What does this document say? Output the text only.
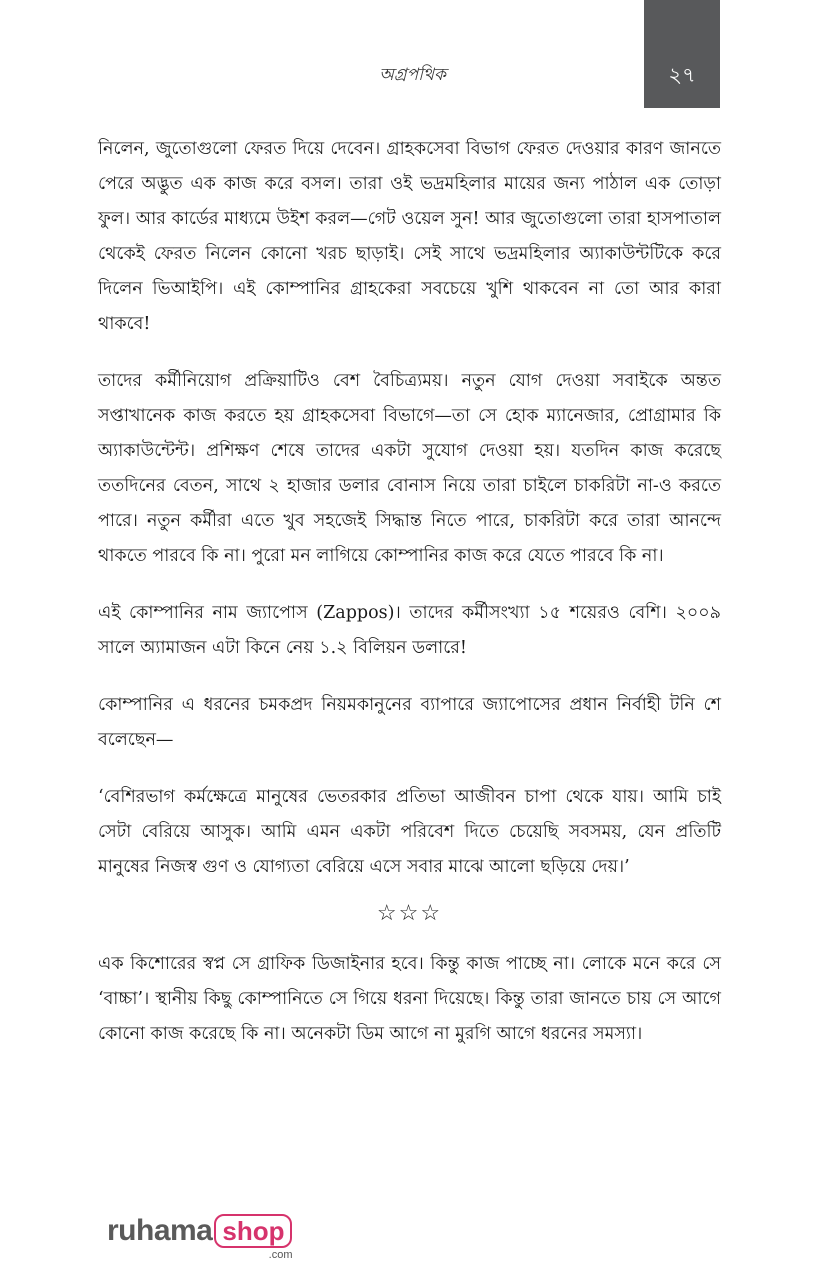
অগ্রপথিক	২৭

নিলেন, জুতোগুলো ফেরত দিয়ে দেবেন। গ্রাহকসেবা বিভাগ ফেরত দেওয়ার কারণ জানতে পেরে অদ্ভুত এক কাজ করে বসল। তারা ওই ভদ্রমহিলার মায়ের জন্য পাঠাল এক তোড়া ফুল। আর কার্ডের মাধ্যমে উইশ করল—গেট ওয়েল সুন! আর জুতোগুলো তারা হাসপাতাল থেকেই ফেরত নিলেন কোনো খরচ ছাড়াই। সেই সাথে ভদ্রমহিলার অ্যাকাউন্টটিকে করে দিলেন ভিআইপি। এই কোম্পানির গ্রাহকেরা সবচেয়ে খুশি থাকবেন না তো আর কারা থাকবে!

তাদের কর্মীনিয়োগ প্রক্রিয়াটিও বেশ বৈচিত্র্যময়। নতুন যোগ দেওয়া সবাইকে অন্তত সপ্তাখানেক কাজ করতে হয় গ্রাহকসেবা বিভাগে—তা সে হোক ম্যানেজার, প্রোগ্রামার কি অ্যাকাউন্টেন্ট। প্রশিক্ষণ শেষে তাদের একটা সুযোগ দেওয়া হয়। যতদিন কাজ করেছে ততদিনের বেতন, সাথে ২ হাজার ডলার বোনাস নিয়ে তারা চাইলে চাকরিটা না-ও করতে পারে। নতুন কর্মীরা এতে খুব সহজেই সিদ্ধান্ত নিতে পারে, চাকরিটা করে তারা আনন্দে থাকতে পারবে কি না। পুরো মন লাগিয়ে কোম্পানির কাজ করে যেতে পারবে কি না।

এই কোম্পানির নাম জ্যাপোস (Zappos)। তাদের কর্মীসংখ্যা ১৫ শয়েরও বেশি। ২০০৯ সালে অ্যামাজন এটা কিনে নেয় ১.২ বিলিয়ন ডলারে!

কোম্পানির এ ধরনের চমকপ্রদ নিয়মকানুনের ব্যাপারে জ্যাপোসের প্রধান নির্বাহী টনি শে বলেছেন—

‘বেশিরভাগ কর্মক্ষেত্রে মানুষের ভেতরকার প্রতিভা আজীবন চাপা থেকে যায়। আমি চাই সেটা বেরিয়ে আসুক। আমি এমন একটা পরিবেশ দিতে চেয়েছি সবসময়, যেন প্রতিটি মানুষের নিজস্ব গুণ ও যোগ্যতা বেরিয়ে এসে সবার মাঝে আলো ছড়িয়ে দেয়।’

☆☆☆

এক কিশোরের স্বপ্ন সে গ্রাফিক ডিজাইনার হবে। কিন্তু কাজ পাচ্ছে না। লোকে মনে করে সে ‘বাচ্চা’। স্থানীয় কিছু কোম্পানিতে সে গিয়ে ধরনা দিয়েছে। কিন্তু তারা জানতে চায় সে আগে কোনো কাজ করেছে কি না। অনেকটা ডিম আগে না মুরগি আগে ধরনের সমস্যা।

ruhama shop
.com
